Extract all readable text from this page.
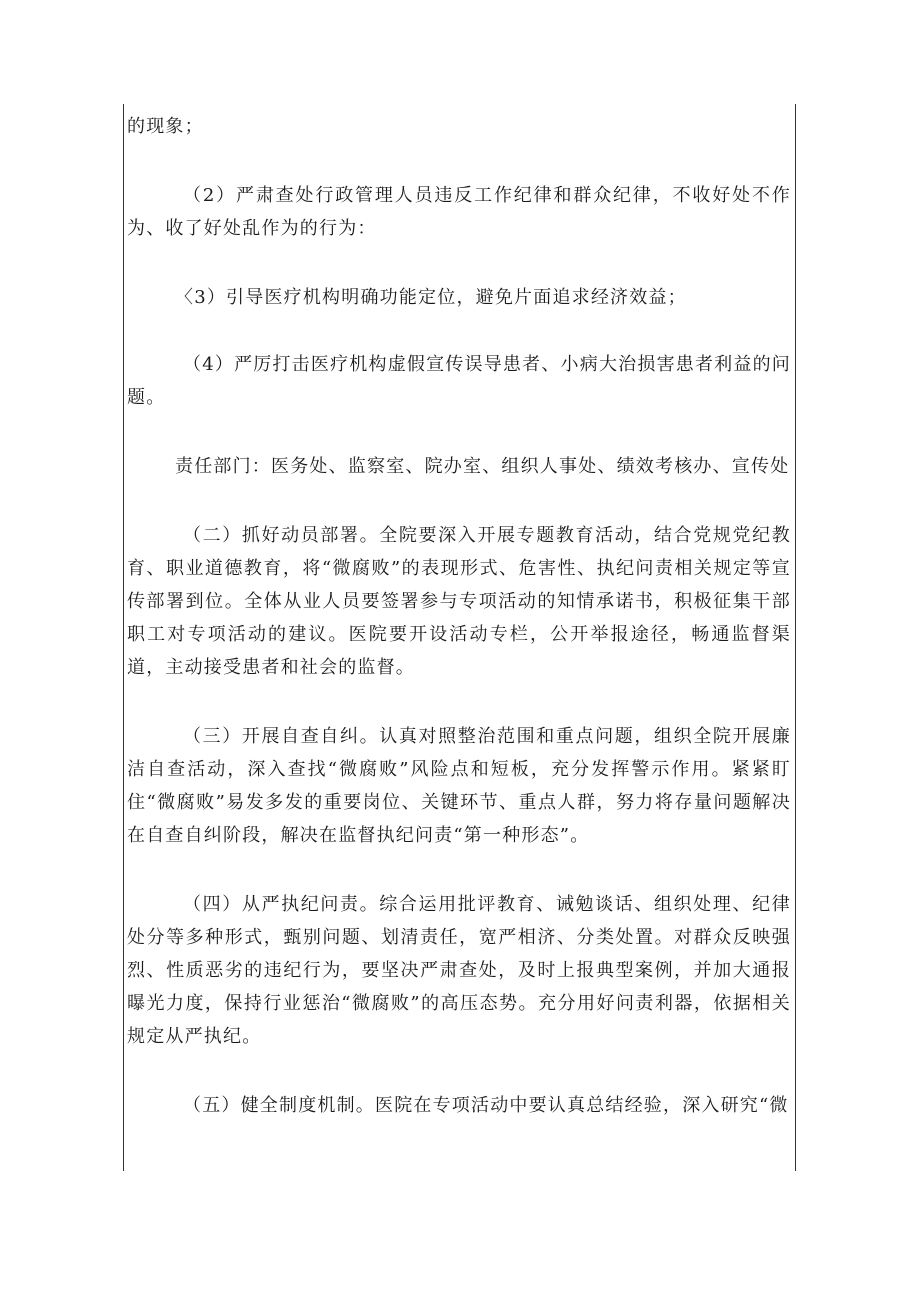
的现象；

（2）严肃查处行政管理人员违反工作纪律和群众纪律，不收好处不作为、收了好处乱作为的行为：

〈3）引导医疗机构明确功能定位，避免片面追求经济效益；

（4）严厉打击医疗机构虚假宣传误导患者、小病大治损害患者利益的问题。

责任部门：医务处、监察室、院办室、组织人事处、绩效考核办、宣传处

（二）抓好动员部署。全院要深入开展专题教育活动，结合党规党纪教育、职业道德教育，将“微腐败”的表现形式、危害性、执纪问责相关规定等宣传部署到位。全体从业人员要签署参与专项活动的知情承诺书，积极征集干部职工对专项活动的建议。医院要开设活动专栏，公开举报途径，畅通监督渠道，主动接受患者和社会的监督。

（三）开展自查自纠。认真对照整治范围和重点问题，组织全院开展廉洁自查活动，深入查找“微腐败”风险点和短板，充分发挥警示作用。紧紧盯住“微腐败”易发多发的重要岗位、关键环节、重点人群，努力将存量问题解决在自查自纠阶段，解决在监督执纪问责“第一种形态”。

（四）从严执纪问责。综合运用批评教育、诫勉谈话、组织处理、纪律处分等多种形式，甄别问题、划清责任，宽严相济、分类处置。对群众反映强烈、性质恶劣的违纪行为，要坚决严肃查处，及时上报典型案例，并加大通报曝光力度，保持行业惩治“微腐败”的高压态势。充分用好问责利器，依据相关规定从严执纪。

（五）健全制度机制。医院在专项活动中要认真总结经验，深入研究“微
